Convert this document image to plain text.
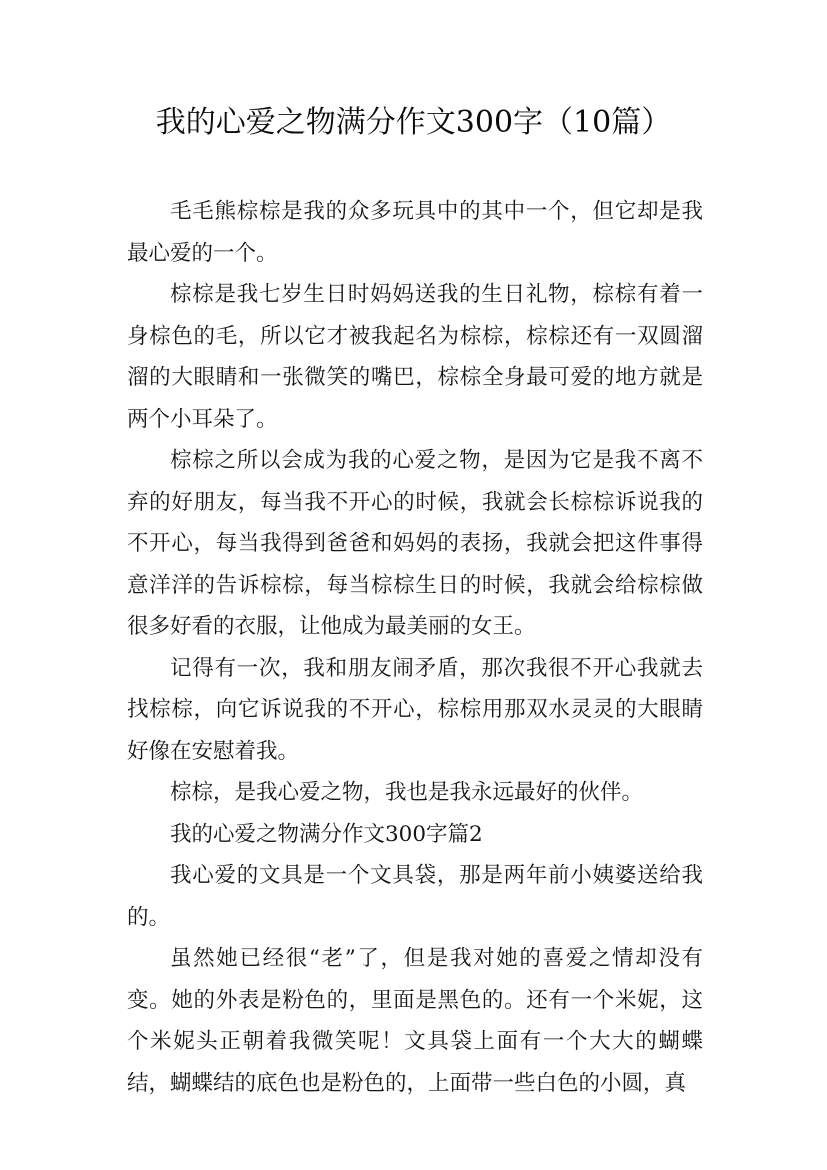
我的心爱之物满分作文300字（10篇）

毛毛熊棕棕是我的众多玩具中的其中一个，但它却是我最心爱的一个。

棕棕是我七岁生日时妈妈送我的生日礼物，棕棕有着一身棕色的毛，所以它才被我起名为棕棕，棕棕还有一双圆溜溜的大眼睛和一张微笑的嘴巴，棕棕全身最可爱的地方就是两个小耳朵了。

棕棕之所以会成为我的心爱之物，是因为它是我不离不弃的好朋友，每当我不开心的时候，我就会长棕棕诉说我的不开心，每当我得到爸爸和妈妈的表扬，我就会把这件事得意洋洋的告诉棕棕，每当棕棕生日的时候，我就会给棕棕做很多好看的衣服，让他成为最美丽的女王。

记得有一次，我和朋友闹矛盾，那次我很不开心我就去找棕棕，向它诉说我的不开心，棕棕用那双水灵灵的大眼睛好像在安慰着我。

棕棕，是我心爱之物，我也是我永远最好的伙伴。

我的心爱之物满分作文300字篇2

我心爱的文具是一个文具袋，那是两年前小姨婆送给我的。

虽然她已经很“老”了，但是我对她的喜爱之情却没有变。她的外表是粉色的，里面是黑色的。还有一个米妮，这个米妮头正朝着我微笑呢！文具袋上面有一个大大的蝴蝶结，蝴蝶结的底色也是粉色的，上面带一些白色的小圆，真
